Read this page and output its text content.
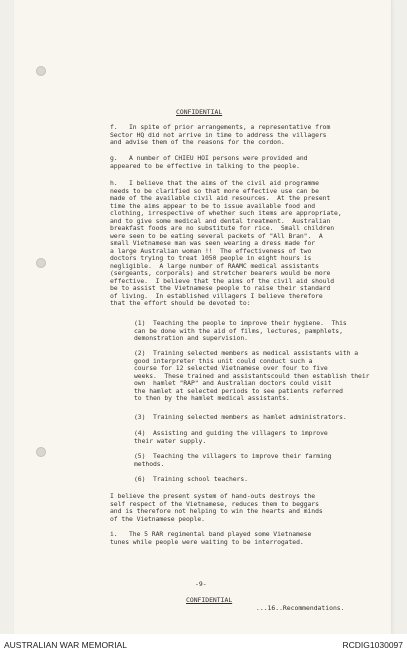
CONFIDENTIAL
f.   In spite of prior arrangements, a representative from
Sector HQ did not arrive in time to address the villagers
and advise them of the reasons for the cordon.
g.   A number of CHIEU HOI persons were provided and
appeared to be effective in talking to the people.
h.   I believe that the aims of the civil aid programme
needs to be clarified so that more effective use can be
made of the available civil aid resources.  At the present
time the aims appear to be to issue available food and
clothing, irrespective of whether such items are appropriate,
and to give some medical and dental treatment.  Australian
breakfast foods are no substitute for rice.  Small children
were seen to be eating several packets of "All Bran".  A
small Vietnamese man was seen wearing a dress made for
a large Australian woman !!  The effectiveness of two
doctors trying to treat 1050 people in eight hours is
negligible.  A large number of RAAMC medical assistants
(sergeants, corporals) and stretcher bearers would be more
effective.  I believe that the aims of the civil aid should
be to assist the Vietnamese people to raise their standard
of living.  In established villagers I believe therefore
that the effort should be devoted to:
(1)  Teaching the people to improve their hygiene.  This
can be done with the aid of films, lectures, pamphlets,
demonstration and supervision.
(2)  Training selected members as medical assistants with a
good interpreter this unit could conduct such a
course for 12 selected Vietnamese over four to five
weeks.  These trained and assistantscould then establish their
own  hamlet "RAP" and Australian doctors could visit
the hamlet at selected periods to see patients referred
to then by the hamlet medical assistants.
(3)  Training selected members as hamlet administrators.
(4)  Assisting and guiding the villagers to improve
their water supply.
(5)  Teaching the villagers to improve their farming
methods.
(6)  Training school teachers.
I believe the present system of hand-outs destroys the
self respect of the Vietnamese, reduces them to beggars
and is therefore not helping to win the hearts and minds
of the Vietnamese people.
i.   The 5 RAR regimental band played some Vietnamese
tunes while people were waiting to be interrogated.
-9-
CONFIDENTIAL
...16..Recommendations.
AUSTRALIAN WAR MEMORIAL	RCDIG1030097
